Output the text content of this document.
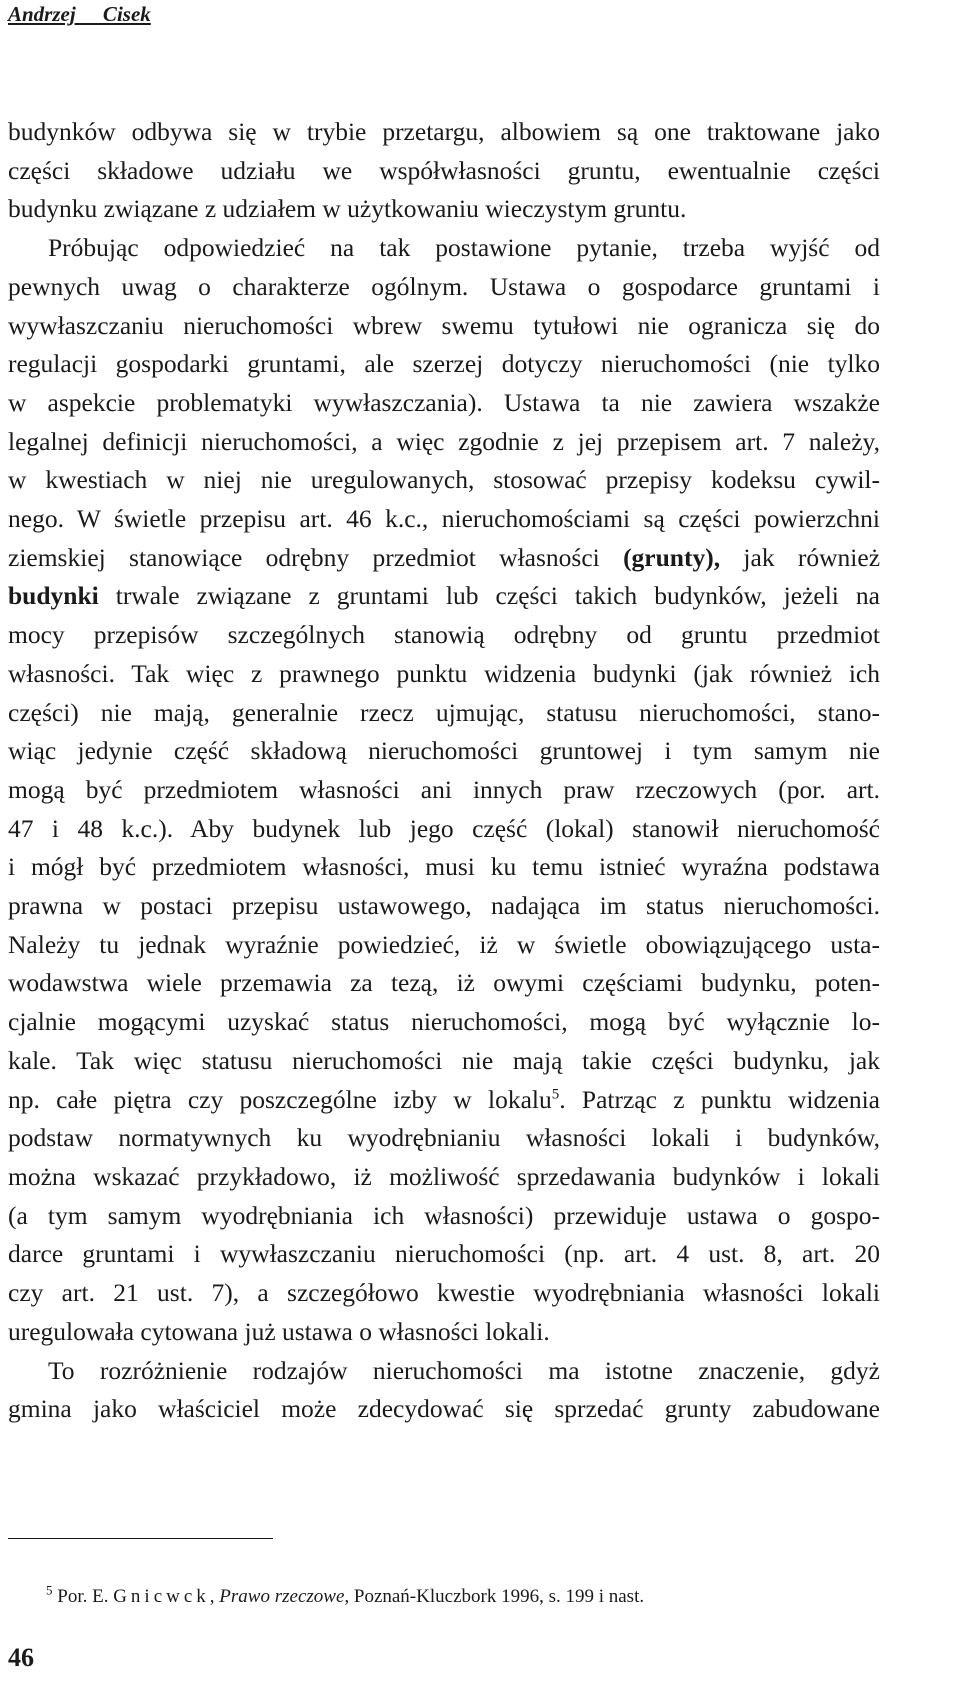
Andrzej Cisek
budynków odbywa się w trybie przetargu, albowiem są one traktowane jako
części składowe udziału we współwłasności gruntu, ewentualnie części
budynku związane z udziałem w użytkowaniu wieczystym gruntu.
Próbując odpowiedzieć na tak postawione pytanie, trzeba wyjść od
pewnych uwag o charakterze ogólnym. Ustawa o gospodarce gruntami i
wywłaszczaniu nieruchomości wbrew swemu tytułowi nie ogranicza się do
regulacji gospodarki gruntami, ale szerzej dotyczy nieruchomości (nie tylko
w aspekcie problematyki wywłaszczania). Ustawa ta nie zawiera wszakże
legalnej definicji nieruchomości, a więc zgodnie z jej przepisem art. 7 należy,
w kwestiach w niej nie uregulowanych, stosować przepisy kodeksu cywil-
nego. W świetle przepisu art. 46 k.c., nieruchomościami są części powierzchni
ziemskiej stanowiące odrębny przedmiot własności (grunty), jak również
budynki trwale związane z gruntami lub części takich budynków, jeżeli na
mocy przepisów szczególnych stanowią odrębny od gruntu przedmiot
własności. Tak więc z prawnego punktu widzenia budynki (jak również ich
części) nie mają, generalnie rzecz ujmując, statusu nieruchomości, stano-
wiąc jedynie część składową nieruchomości gruntowej i tym samym nie
mogą być przedmiotem własności ani innych praw rzeczowych (por. art.
47 i 48 k.c.). Aby budynek lub jego część (lokal) stanowił nieruchomość
i mógł być przedmiotem własności, musi ku temu istnieć wyraźna podstawa
prawna w postaci przepisu ustawowego, nadająca im status nieruchomości.
Należy tu jednak wyraźnie powiedzieć, iż w świetle obowiązującego usta-
wodawstwa wiele przemawia za tezą, iż owymi częściami budynku, poten-
cjalnie mogącymi uzyskać status nieruchomości, mogą być wyłącznie lo-
kale. Tak więc statusu nieruchomości nie mają takie części budynku, jak
np. całe piętra czy poszczególne izby w lokalu$^5$. Patrząc z punktu widzenia
podstaw normatywnych ku wyodrębnianiu własności lokali i budynków,
można wskazać przykładowo, iż możliwość sprzedawania budynków i lokali
(a tym samym wyodrębniania ich własności) przewiduje ustawa o gospo-
darce gruntami i wywłaszczaniu nieruchomości (np. art. 4 ust. 8, art. 20
czy art. 21 ust. 7), a szczegółowo kwestie wyodrębniania własności lokali
uregulowała cytowana już ustawa o własności lokali.
To rozróżnienie rodzajów nieruchomości ma istotne znaczenie, gdyż
gmina jako właściciel może zdecydować się sprzedać grunty zabudowane
$^5$ Por. E. Gnicwck, Prawo rzeczowe, Poznań-Kluczbork 1996, s. 199 i nast.
46
